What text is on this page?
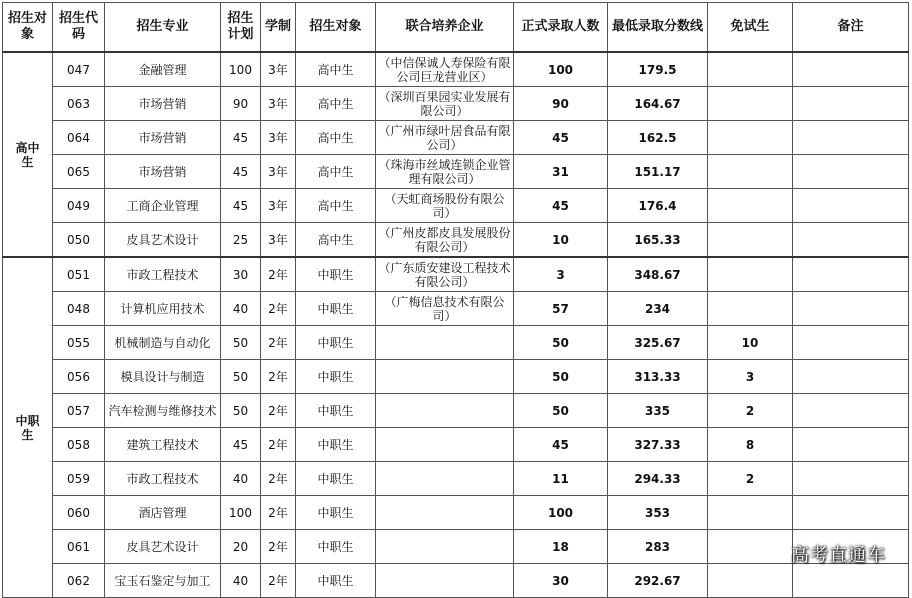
招生对象	招生代码	招生专业	招生计划	学制	招生对象	联合培养企业	正式录取人数	最低录取分数线	免试生	备注
高中生	047	金融管理	100	3年	高中生	（中信保诚人寿保险有限公司巨龙营业区）	100	179.5		
	063	市场营销	90	3年	高中生	（深圳百果园实业发展有限公司）	90	164.67		
	064	市场营销	45	3年	高中生	（广州市绿叶居食品有限公司）	45	162.5		
	065	市场营销	45	3年	高中生	（珠海市丝域连锁企业管理有限公司）	31	151.17		
	049	工商企业管理	45	3年	高中生	（天虹商场股份有限公司）	45	176.4		
	050	皮具艺术设计	25	3年	高中生	（广州皮都皮具发展股份有限公司）	10	165.33		
中职生	051	市政工程技术	30	2年	中职生	（广东质安建设工程技术有限公司）	3	348.67		
	048	计算机应用技术	40	2年	中职生	（广梅信息技术有限公司）	57	234		
	055	机械制造与自动化	50	2年	中职生		50	325.67	10	
	056	模具设计与制造	50	2年	中职生		50	313.33	3	
	057	汽车检测与维修技术	50	2年	中职生		50	335	2	
	058	建筑工程技术	45	2年	中职生		45	327.33	8	
	059	市政工程技术	40	2年	中职生		11	294.33	2	
	060	酒店管理	100	2年	中职生		100	353		
	061	皮具艺术设计	20	2年	中职生		18	283		
	062	宝玉石鉴定与加工	40	2年	中职生		30	292.67		
高考直通车
